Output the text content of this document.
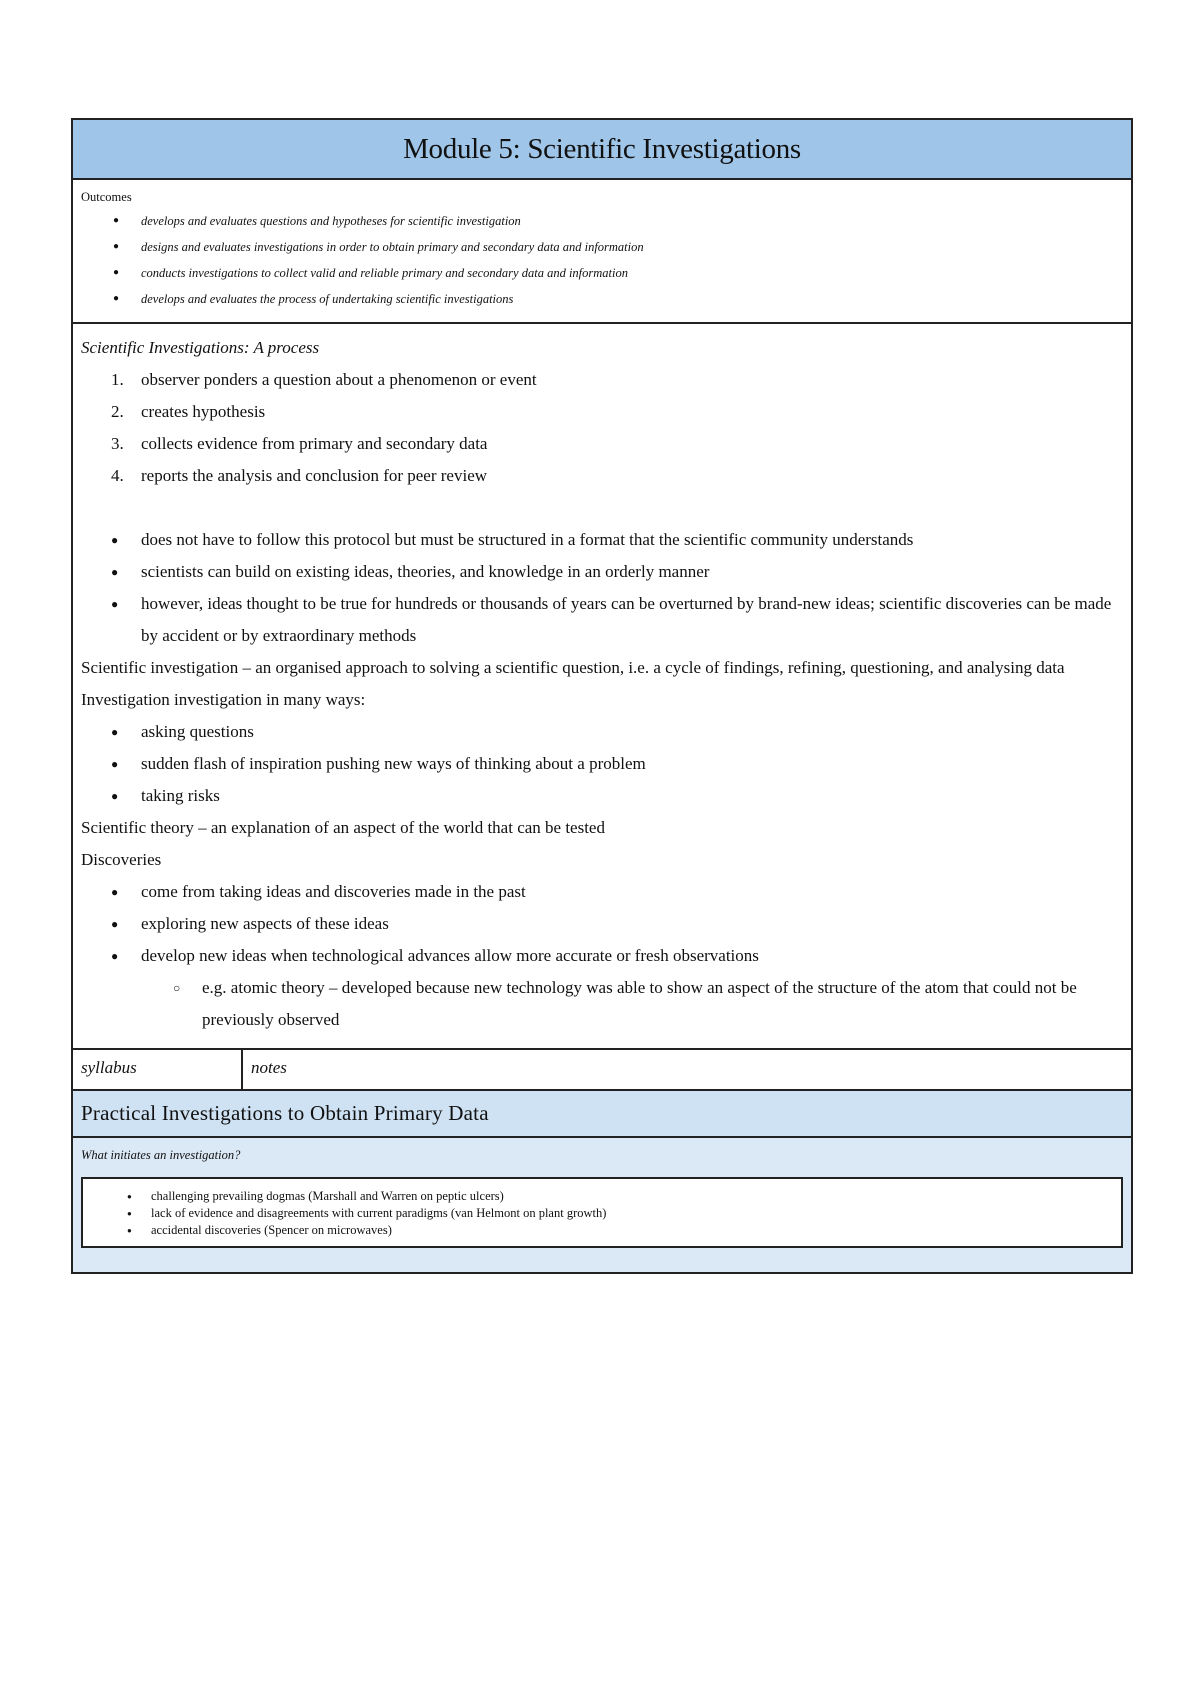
Module 5: Scientific Investigations
Outcomes
● develops and evaluates questions and hypotheses for scientific investigation
● designs and evaluates investigations in order to obtain primary and secondary data and information
● conducts investigations to collect valid and reliable primary and secondary data and information
● develops and evaluates the process of undertaking scientific investigations
Scientific Investigations: A process
1. observer ponders a question about a phenomenon or event
2. creates hypothesis
3. collects evidence from primary and secondary data
4. reports the analysis and conclusion for peer review
● does not have to follow this protocol but must be structured in a format that the scientific community understands
● scientists can build on existing ideas, theories, and knowledge in an orderly manner
● however, ideas thought to be true for hundreds or thousands of years can be overturned by brand-new ideas; scientific discoveries can be made by accident or by extraordinary methods
Scientific investigation – an organised approach to solving a scientific question, i.e. a cycle of findings, refining, questioning, and analysing data
Investigation investigation in many ways:
● asking questions
● sudden flash of inspiration pushing new ways of thinking about a problem
● taking risks
Scientific theory – an explanation of an aspect of the world that can be tested
Discoveries
● come from taking ideas and discoveries made in the past
● exploring new aspects of these ideas
● develop new ideas when technological advances allow more accurate or fresh observations
○ e.g. atomic theory – developed because new technology was able to show an aspect of the structure of the atom that could not be previously observed
syllabus	notes
Practical Investigations to Obtain Primary Data
What initiates an investigation?
● challenging prevailing dogmas (Marshall and Warren on peptic ulcers)
● lack of evidence and disagreements with current paradigms (van Helmont on plant growth)
● accidental discoveries (Spencer on microwaves)
